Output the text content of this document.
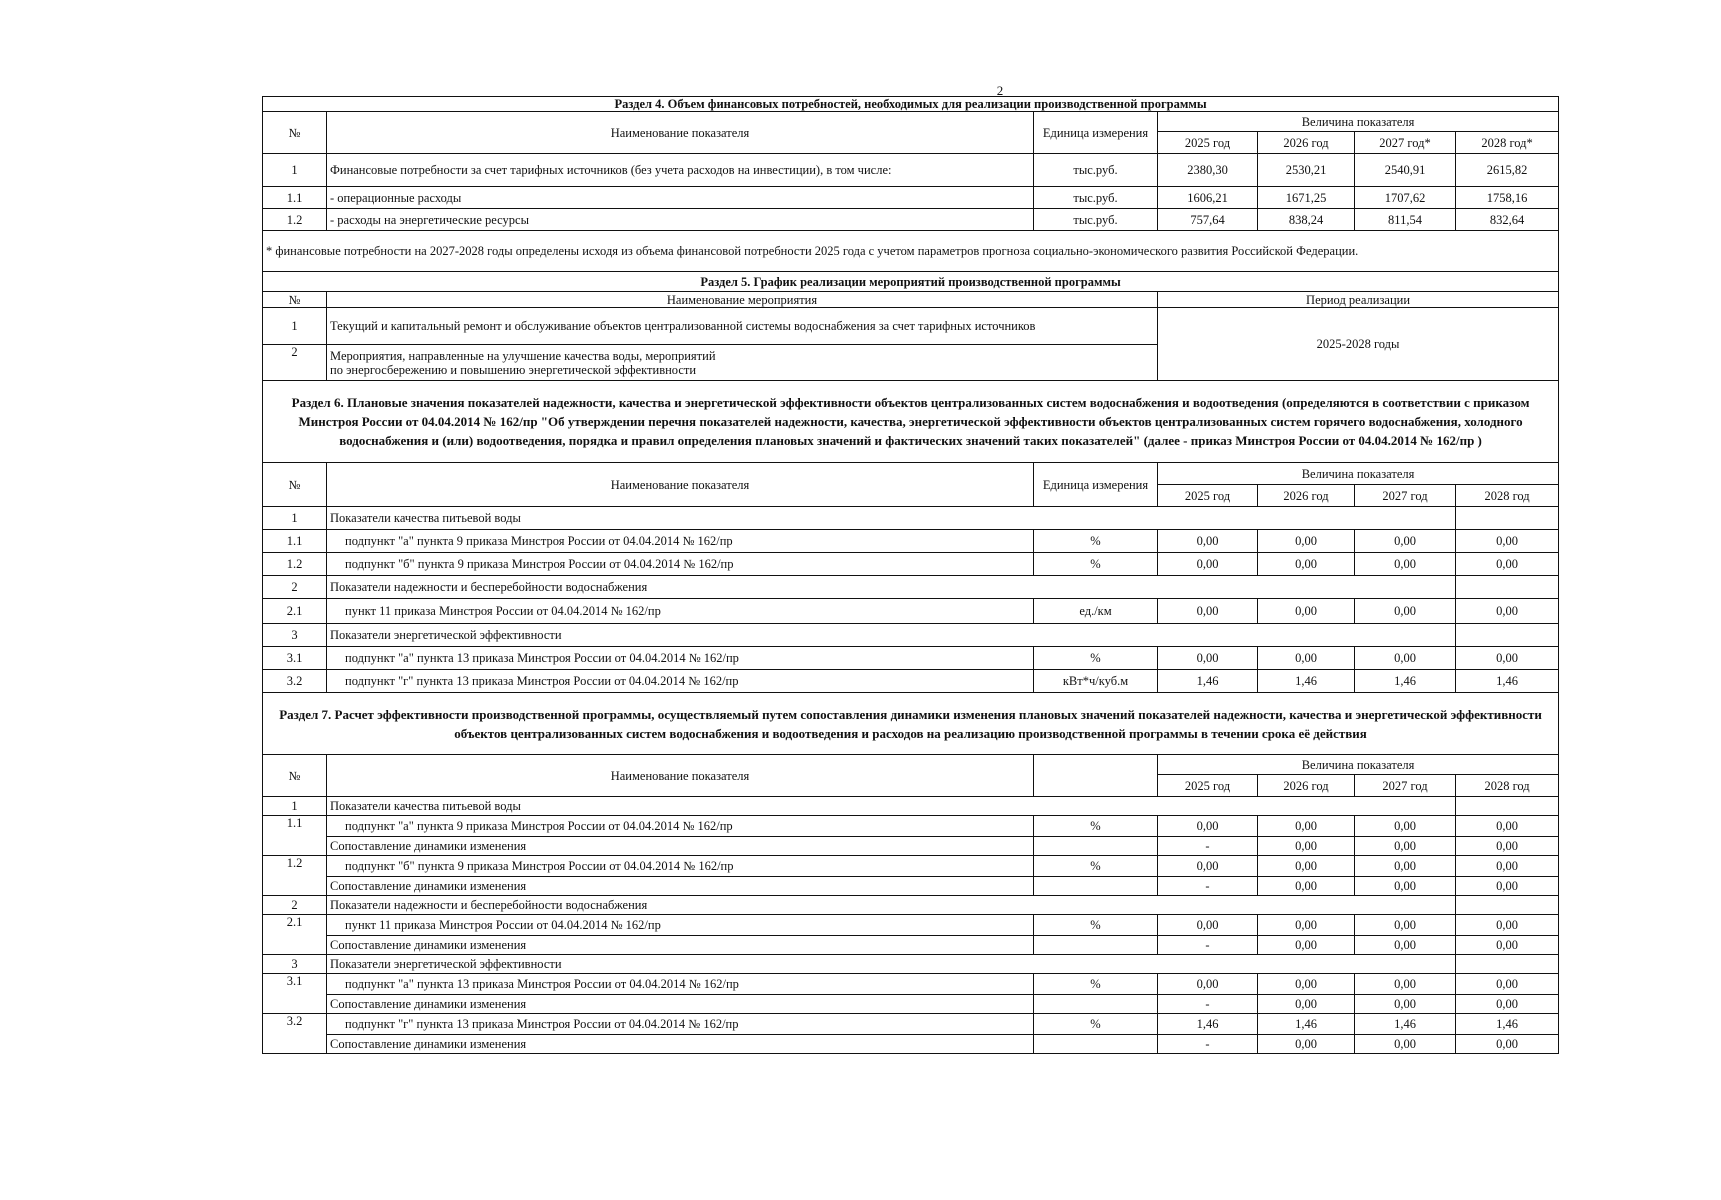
2
Раздел 4. Объем финансовых потребностей, необходимых для реализации производственной программы						
№	Наименование показателя	Единица измерения	Величина показателя			
			2025 год	2026 год	2027 год*	2028 год*
1	Финансовые потребности за счет тарифных источников (без учета расходов на инвестиции), в том числе:	тыс.руб.	2380,30	2530,21	2540,91	2615,82
1.1	- операционные расходы	тыс.руб.	1606,21	1671,25	1707,62	1758,16
1.2	- расходы на энергетические ресурсы	тыс.руб.	757,64	838,24	811,54	832,64
* финансовые потребности на 2027-2028 годы определены исходя из объема финансовой потребности 2025 года с учетом параметров прогноза социально-экономического развития Российской Федерации.						
Раздел 5. График реализации мероприятий производственной программы						
№	Наименование мероприятия		Период реализации			
1	Текущий и капитальный ремонт и обслуживание объектов централизованной системы водоснабжения за счет тарифных источников		2025-2028 годы			
2	Мероприятия, направленные на улучшение качества воды, мероприятий
по энергосбережению и повышению энергетической эффективности					

Раздел 6. Плановые значения показателей надежности, качества и энергетической эффективности объектов централизованных систем водоснабжения и водоотведения (определяются в соответствии с приказом Минстроя России от 04.04.2014 № 162/пр "Об утверждении перечня показателей надежности, качества, энергетической эффективности объектов централизованных систем горячего водоснабжения, холодного водоснабжения и (или) водоотведения, порядка и правил определения плановых значений и фактических значений таких показателей" (далее - приказ Минстроя России от 04.04.2014 № 162/пр )						
№	Наименование показателя	Единица измерения	Величина показателя			
			2025 год	2026 год	2027 год	2028 год
1	Показатели качества питьевой воды					
1.1	подпункт "а" пункта 9 приказа Минстроя России от 04.04.2014 № 162/пр	%	0,00	0,00	0,00	0,00
1.2	подпункт "б" пункта 9 приказа Минстроя России от 04.04.2014 № 162/пр	%	0,00	0,00	0,00	0,00
2	Показатели надежности и бесперебойности водоснабжения					
2.1	пункт 11 приказа Минстроя России от 04.04.2014 № 162/пр	ед./км	0,00	0,00	0,00	0,00
3	Показатели энергетической эффективности					
3.1	подпункт "а" пункта 13 приказа Минстроя России от 04.04.2014 № 162/пр	%	0,00	0,00	0,00	0,00
3.2	подпункт "г" пункта 13 приказа Минстроя России от 04.04.2014 № 162/пр	кВт*ч/куб.м	1,46	1,46	1,46	1,46
Раздел 7. Расчет эффективности производственной программы, осуществляемый путем сопоставления динамики изменения плановых значений показателей надежности, качества и энергетической эффективности объектов централизованных систем водоснабжения и водоотведения и расходов на реализацию производственной программы в течении срока её действия						
№	Наименование показателя		Величина показателя			
			2025 год	2026 год	2027 год	2028 год
1	Показатели качества питьевой воды					
1.1	подпункт "а" пункта 9 приказа Минстроя России от 04.04.2014 № 162/пр	%	0,00	0,00	0,00	0,00
	Сопоставление динамики изменения		-	0,00	0,00	0,00
1.2	подпункт "б" пункта 9 приказа Минстроя России от 04.04.2014 № 162/пр	%	0,00	0,00	0,00	0,00
	Сопоставление динамики изменения		-	0,00	0,00	0,00
2	Показатели надежности и бесперебойности водоснабжения					
2.1	пункт 11 приказа Минстроя России от 04.04.2014 № 162/пр	%	0,00	0,00	0,00	0,00
	Сопоставление динамики изменения		-	0,00	0,00	0,00
3	Показатели энергетической эффективности					
3.1	подпункт "а" пункта 13 приказа Минстроя России от 04.04.2014 № 162/пр	%	0,00	0,00	0,00	0,00
	Сопоставление динамики изменения		-	0,00	0,00	0,00
3.2	подпункт "г" пункта 13 приказа Минстроя России от 04.04.2014 № 162/пр	%	1,46	1,46	1,46	1,46
	Сопоставление динамики изменения		-	0,00	0,00	0,00
